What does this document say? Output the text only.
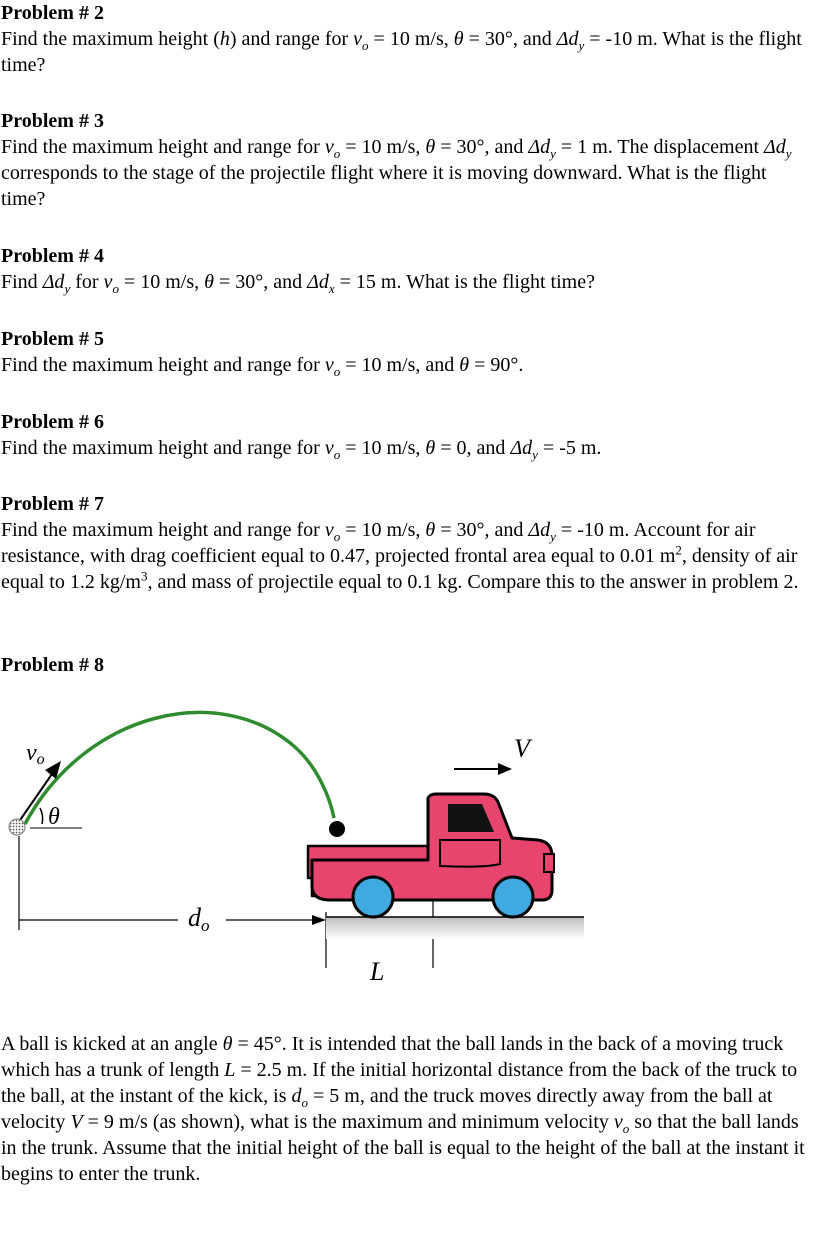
Problem # 2

Find the maximum height (h) and range for $v_o = 10$ m/s, θ = 30°, and $\Delta d_y = -10$ m. What is the flight time?

Problem # 3

Find the maximum height and range for $v_o = 10$ m/s, θ = 30°, and $\Delta d_y = 1$ m. The displacement $\Delta d_y$ corresponds to the stage of the projectile flight where it is moving downward. What is the flight time?

Problem # 4

Find $\Delta d_y$ for $v_o = 10$ m/s, θ = 30°, and $\Delta d_x = 15$ m. What is the flight time?

Problem # 5

Find the maximum height and range for $v_o = 10$ m/s, and θ = 90°.

Problem # 6

Find the maximum height and range for $v_o = 10$ m/s, θ = 0, and $\Delta d_y = -5$ m.

Problem # 7

Find the maximum height and range for $v_o = 10$ m/s, θ = 30°, and $\Delta d_y = -10$ m. Account for air resistance, with drag coefficient equal to 0.47, projected frontal area equal to 0.01 $m^2$, density of air equal to 1.2 $kg/m^3$, and mass of projectile equal to 0.1 kg. Compare this to the answer in problem 2.

Problem # 8

vo
θ
V
do
L

A ball is kicked at an angle θ = 45°. It is intended that the ball lands in the back of a moving truck which has a trunk of length L = 2.5 m. If the initial horizontal distance from the back of the truck to the ball, at the instant of the kick, is $d_o = 5$ m, and the truck moves directly away from the ball at velocity V = 9 m/s (as shown), what is the maximum and minimum velocity $v_o$ so that the ball lands in the trunk. Assume that the initial height of the ball is equal to the height of the ball at the instant it begins to enter the trunk.
